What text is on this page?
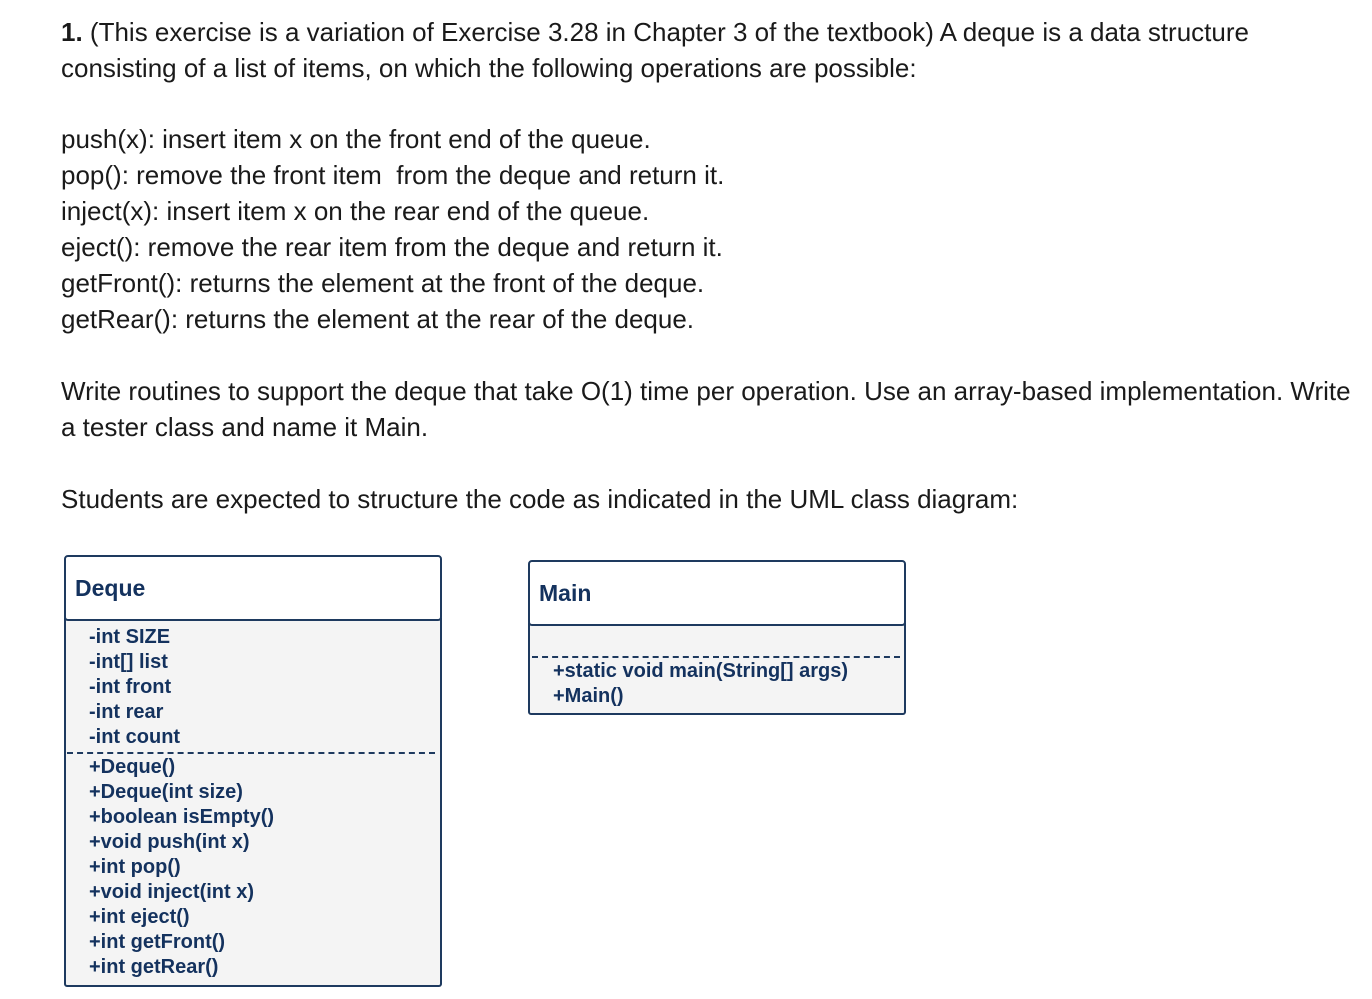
1. (This exercise is a variation of Exercise 3.28 in Chapter 3 of the textbook) A deque is a data structure consisting of a list of items, on which the following operations are possible:

push(x): insert item x on the front end of the queue.
pop(): remove the front item  from the deque and return it.
inject(x): insert item x on the rear end of the queue.
eject(): remove the rear item from the deque and return it.
getFront(): returns the element at the front of the deque.
getRear(): returns the element at the rear of the deque.

Write routines to support the deque that take O(1) time per operation. Use an array-based implementation. Write a tester class and name it Main.

Students are expected to structure the code as indicated in the UML class diagram:

Deque
-int SIZE
-int[] list
-int front
-int rear
-int count
+Deque()
+Deque(int size)
+boolean isEmpty()
+void push(int x)
+int pop()
+void inject(int x)
+int eject()
+int getFront()
+int getRear()
Main
+static void main(String[] args)
+Main()
